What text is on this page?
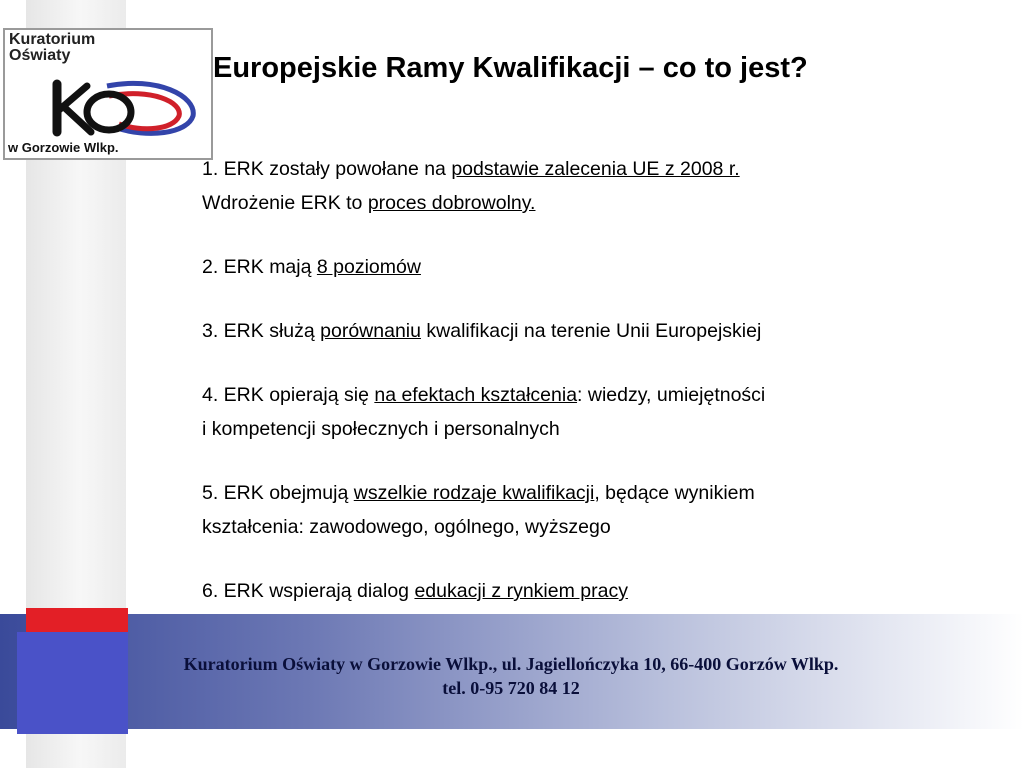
Kuratorium Oświaty
w Gorzowie Wlkp.
Europejskie Ramy Kwalifikacji – co to jest?
1. ERK zostały powołane na podstawie zalecenia UE z 2008 r.
Wdrożenie ERK to proces dobrowolny.
2. ERK mają 8 poziomów
3. ERK służą porównaniu kwalifikacji na terenie Unii Europejskiej
4. ERK opierają się na efektach kształcenia: wiedzy, umiejętności
i kompetencji społecznych i personalnych
5. ERK obejmują wszelkie rodzaje kwalifikacji, będące wynikiem
kształcenia: zawodowego, ogólnego, wyższego
6. ERK wspierają dialog edukacji z rynkiem pracy
Kuratorium Oświaty w Gorzowie Wlkp., ul. Jagiellończyka 10, 66-400 Gorzów Wlkp.
tel. 0-95 720 84 12
